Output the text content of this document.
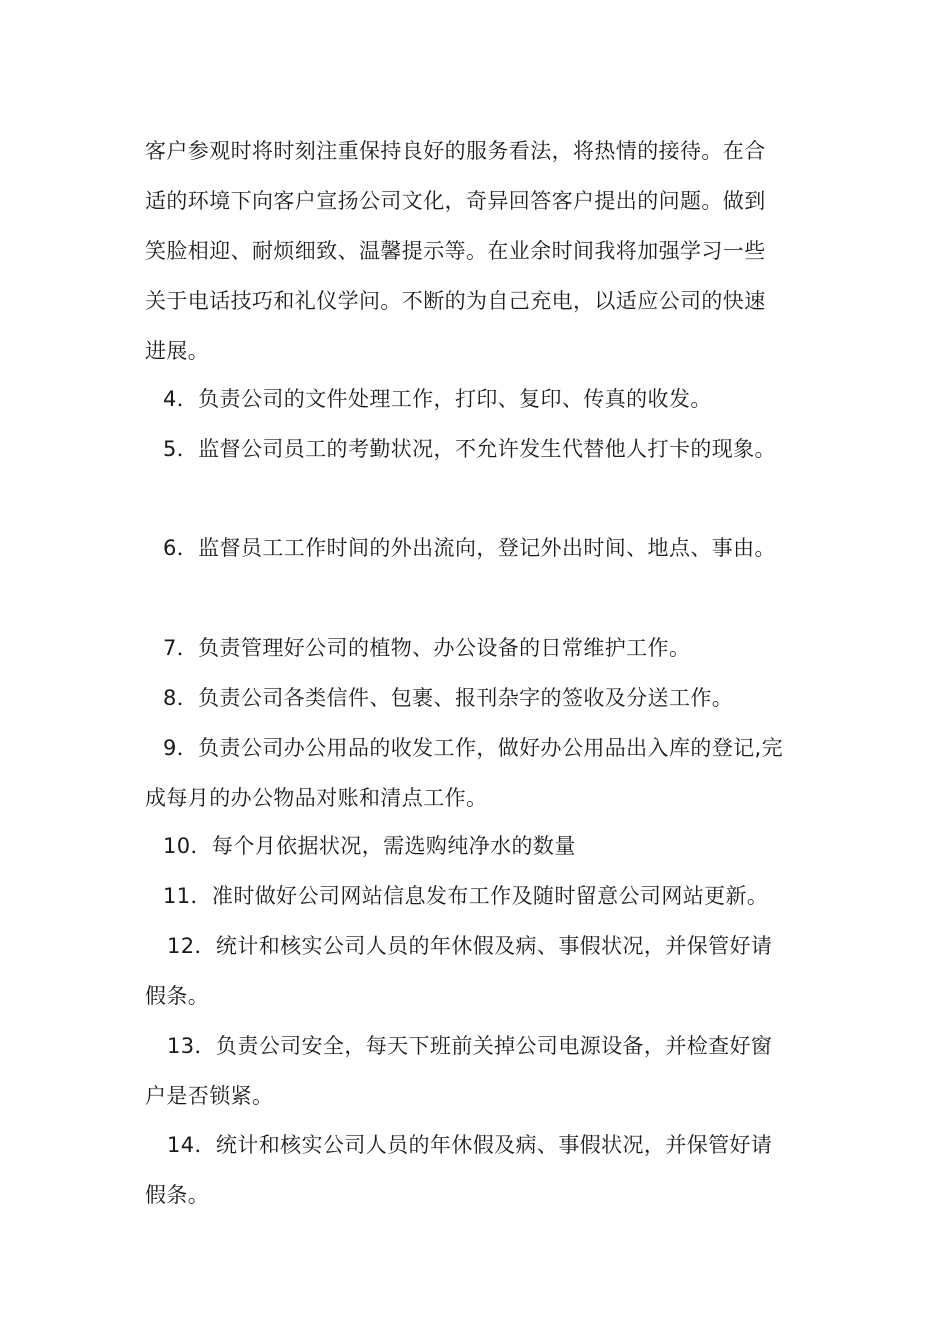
客户参观时将时刻注重保持良好的服务看法，将热情的接待。在合
适的环境下向客户宣扬公司文化，奇异回答客户提出的问题。做到
笑脸相迎、耐烦细致、温馨提示等。在业余时间我将加强学习一些
关于电话技巧和礼仪学问。不断的为自己充电，以适应公司的快速
进展。
4．负责公司的文件处理工作，打印、复印、传真的收发。
5．监督公司员工的考勤状况，不允许发生代替他人打卡的现象。
6．监督员工工作时间的外出流向，登记外出时间、地点、事由。
7．负责管理好公司的植物、办公设备的日常维护工作。
8．负责公司各类信件、包裹、报刊杂字的签收及分送工作。
9．负责公司办公用品的收发工作，做好办公用品出入库的登记,完
成每月的办公物品对账和清点工作。
10．每个月依据状况，需选购纯净水的数量
11．准时做好公司网站信息发布工作及随时留意公司网站更新。
12．统计和核实公司人员的年休假及病、事假状况，并保管好请
假条。
13．负责公司安全，每天下班前关掉公司电源设备，并检查好窗
户是否锁紧。
14．统计和核实公司人员的年休假及病、事假状况，并保管好请
假条。
